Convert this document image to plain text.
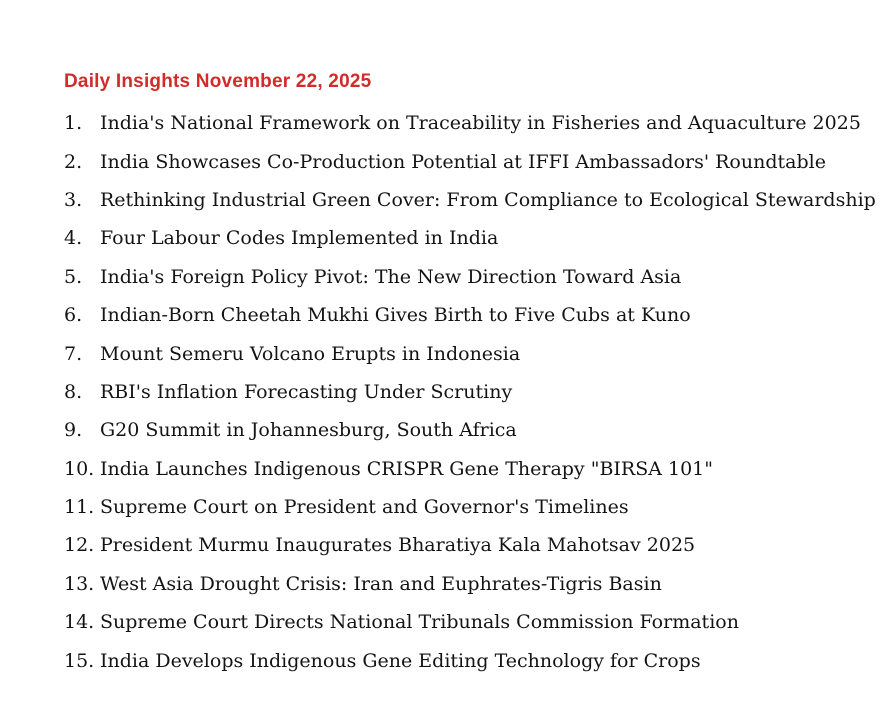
Daily Insights November 22, 2025
1. India's National Framework on Traceability in Fisheries and Aquaculture 2025
2. India Showcases Co-Production Potential at IFFI Ambassadors' Roundtable
3. Rethinking Industrial Green Cover: From Compliance to Ecological Stewardship
4. Four Labour Codes Implemented in India
5. India's Foreign Policy Pivot: The New Direction Toward Asia
6. Indian-Born Cheetah Mukhi Gives Birth to Five Cubs at Kuno
7. Mount Semeru Volcano Erupts in Indonesia
8. RBI's Inflation Forecasting Under Scrutiny
9. G20 Summit in Johannesburg, South Africa
10. India Launches Indigenous CRISPR Gene Therapy "BIRSA 101"
11. Supreme Court on President and Governor's Timelines
12. President Murmu Inaugurates Bharatiya Kala Mahotsav 2025
13. West Asia Drought Crisis: Iran and Euphrates-Tigris Basin
14. Supreme Court Directs National Tribunals Commission Formation
15. India Develops Indigenous Gene Editing Technology for Crops
